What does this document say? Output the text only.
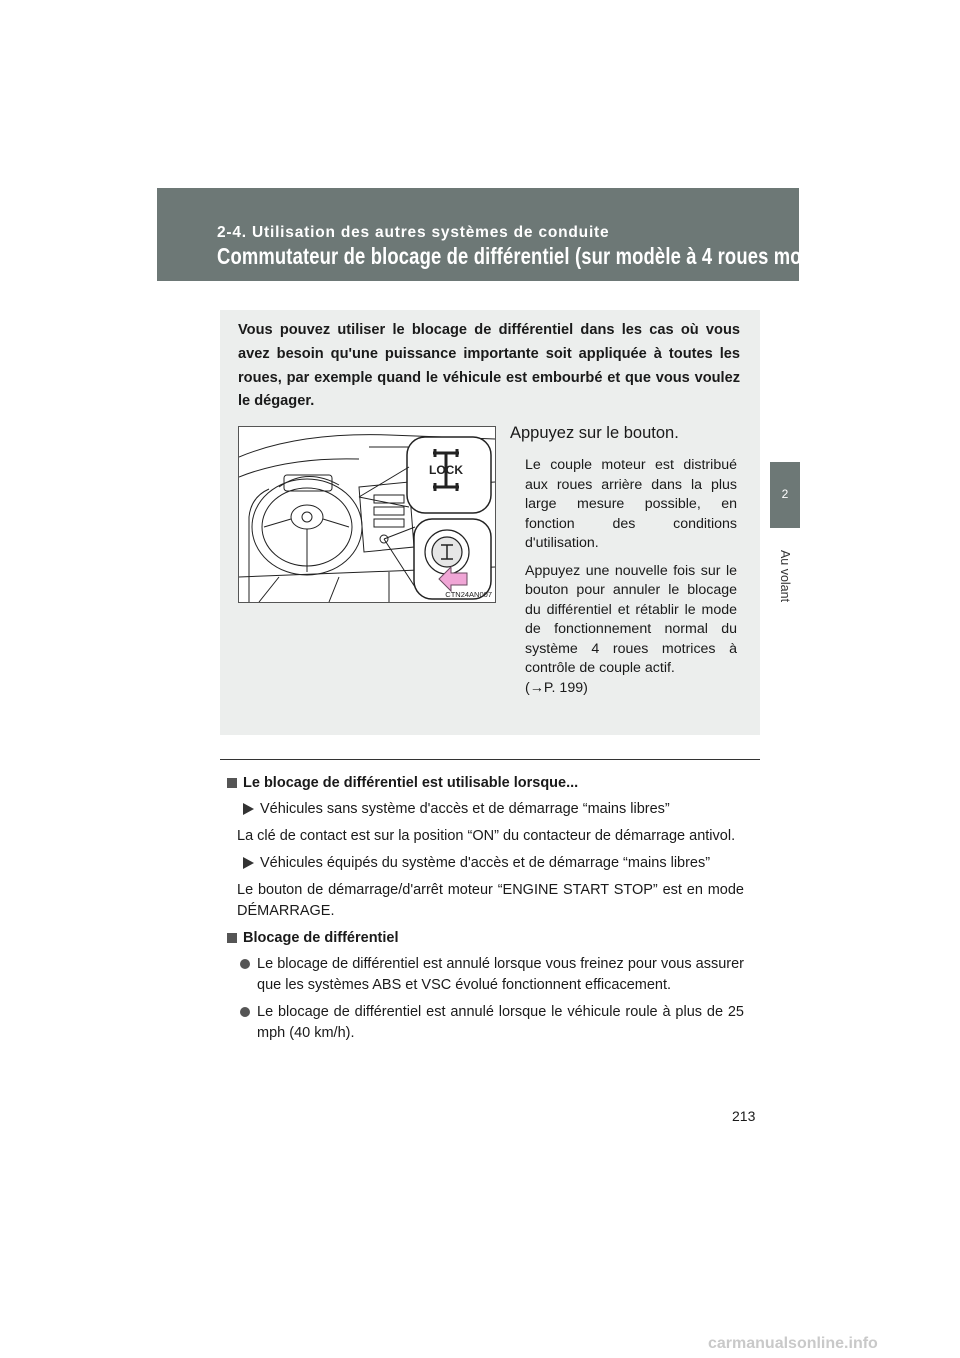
2-4. Utilisation des autres systèmes de conduite
Commutateur de blocage de différentiel (sur modèle à 4 roues motrices)
2
Au volant
Vous pouvez utiliser le blocage de différentiel dans les cas où vous avez besoin qu'une puissance importante soit appliquée à toutes les roues, par exemple quand le véhicule est embourbé et que vous voulez le dégager.
LOCK
CTN24AN007
Appuyez sur le bouton.

Le couple moteur est distribué aux roues arrière dans la plus large mesure possible, en fonction des conditions d'utilisation.

Appuyez une nouvelle fois sur le bouton pour annuler le blocage du différentiel et rétablir le mode de fonctionnement normal du système 4 roues motrices à contrôle de couple actif.

(→P. 199)

Le blocage de différentiel est utilisable lorsque...
Véhicules sans système d'accès et de démarrage “mains libres”
La clé de contact est sur la position “ON” du contacteur de démarrage antivol.
Véhicules équipés du système d'accès et de démarrage “mains libres”
Le bouton de démarrage/d'arrêt moteur “ENGINE START STOP” est en mode DÉMARRAGE.
Blocage de différentiel
Le blocage de différentiel est annulé lorsque vous freinez pour vous assurer que les systèmes ABS et VSC évolué fonctionnent efficacement.
Le blocage de différentiel est annulé lorsque le véhicule roule à plus de 25 mph (40 km/h).
213
carmanualsonline.info
